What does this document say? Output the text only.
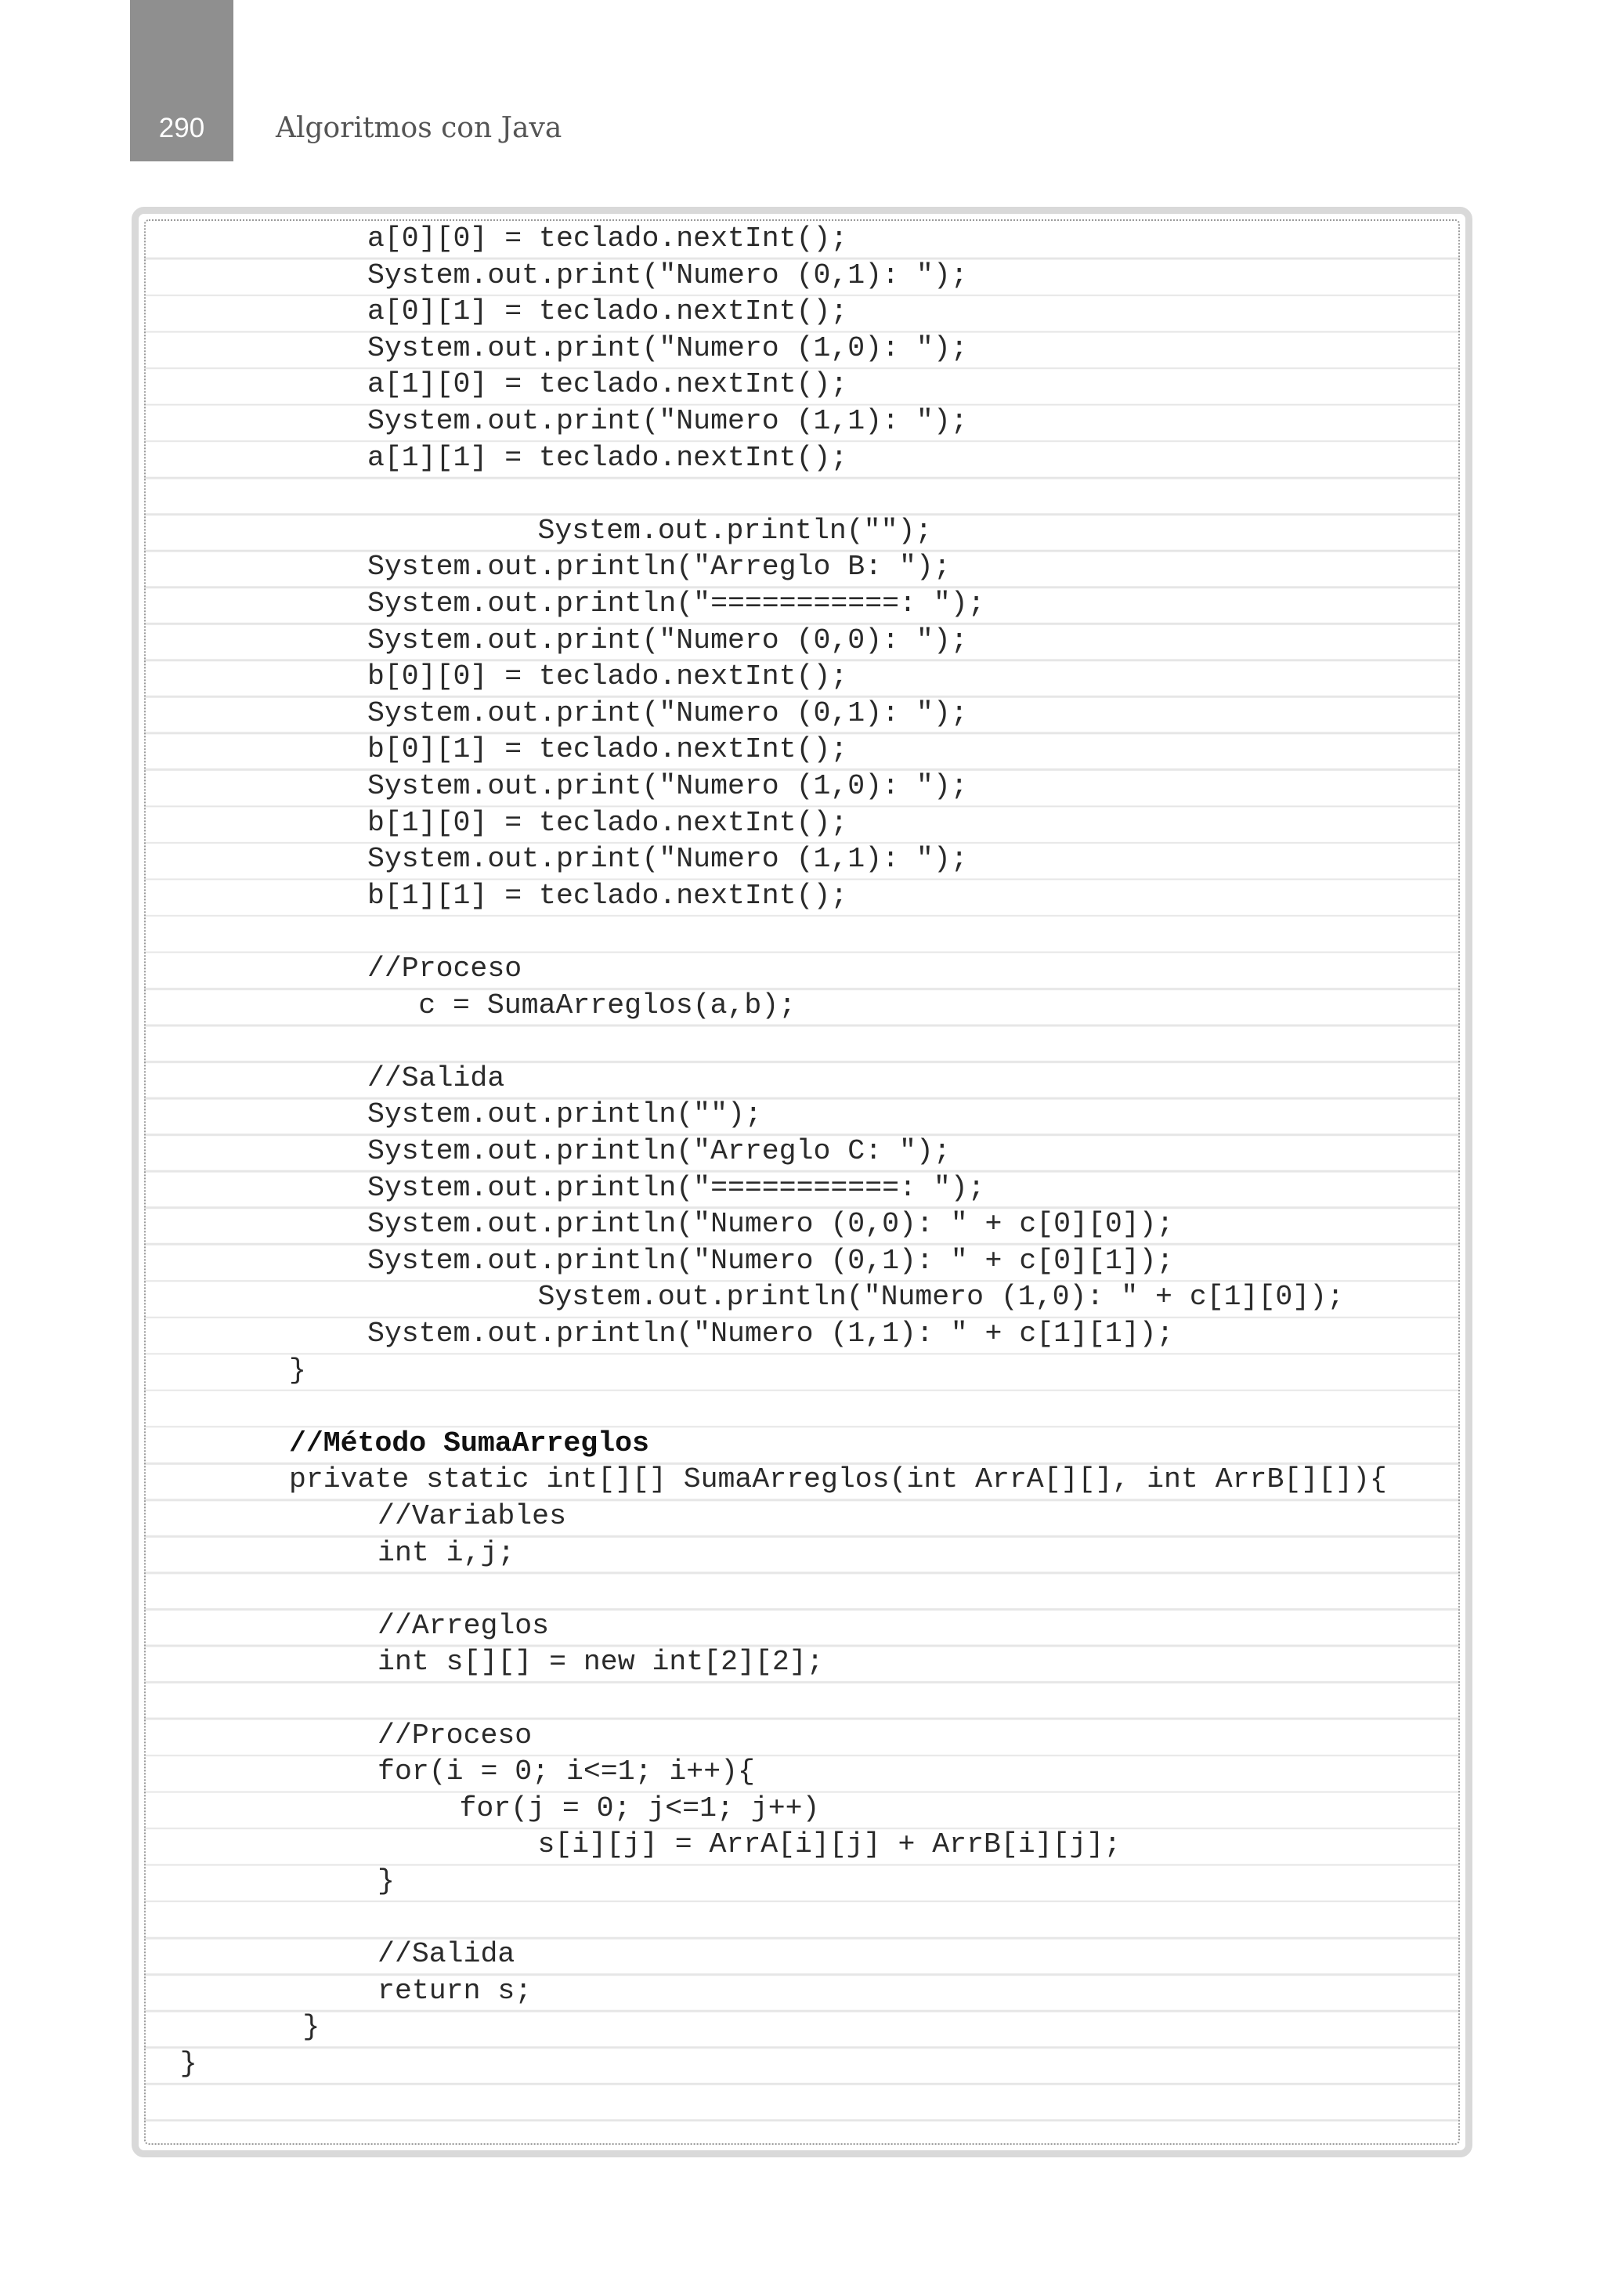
290	Algoritmos con Java
a[0][0] = teclado.nextInt();
System.out.print("Numero (0,1): ");
a[0][1] = teclado.nextInt();
System.out.print("Numero (1,0): ");
a[1][0] = teclado.nextInt();
System.out.print("Numero (1,1): ");
a[1][1] = teclado.nextInt();
System.out.println("");
System.out.println("Arreglo B: ");
System.out.println("===========: ");
System.out.print("Numero (0,0): ");
b[0][0] = teclado.nextInt();
System.out.print("Numero (0,1): ");
b[0][1] = teclado.nextInt();
System.out.print("Numero (1,0): ");
b[1][0] = teclado.nextInt();
System.out.print("Numero (1,1): ");
b[1][1] = teclado.nextInt();
//Proceso
c = SumaArreglos(a,b);
//Salida
System.out.println("");
System.out.println("Arreglo C: ");
System.out.println("===========: ");
System.out.println("Numero (0,0): " + c[0][0]);
System.out.println("Numero (0,1): " + c[0][1]);
System.out.println("Numero (1,0): " + c[1][0]);
System.out.println("Numero (1,1): " + c[1][1]);
}
//Método SumaArreglos
private static int[][] SumaArreglos(int ArrA[][], int ArrB[][]){
//Variables
int i,j;
//Arreglos
int s[][] = new int[2][2];
//Proceso
for(i = 0; i<=1; i++){
for(j = 0; j<=1; j++)
s[i][j] = ArrA[i][j] + ArrB[i][j];
}
//Salida
return s;
}
}
